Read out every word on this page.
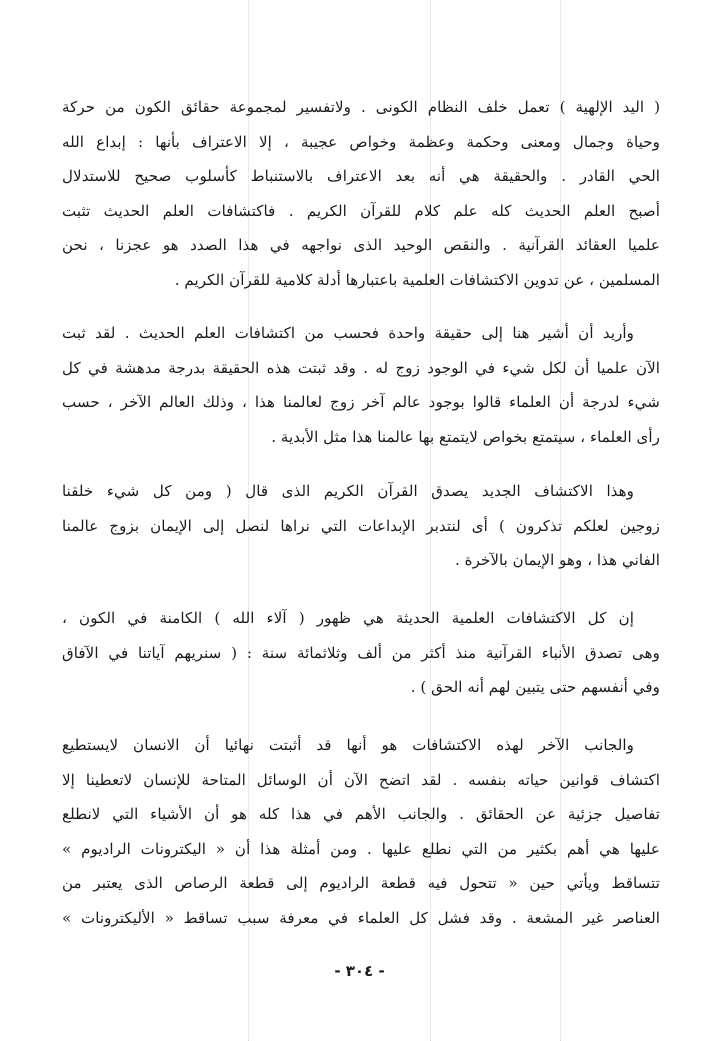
( اليد الإلهية ) تعمل خلف النظام الكونى . ولاتفسير لمجموعة حقائق الكون من حركة
وحياة وجمال ومعنى وحكمة وعظمة وخواص عجيبة ، إلا الاعتراف بأنها : إبداع الله
الحي القادر . والحقيقة هي أنه بعد الاعتراف بالاستنباط كأسلوب صحيح للاستدلال
أصبح العلم الحديث كله علم كلام للقرآن الكريم . فاكتشافات العلم الحديث تثبت
علميا العقائد القرآنية . والنقص الوحيد الذى نواجهه في هذا الصدد هو عجزنا ، نحن
المسلمين ، عن تدوين الاكتشافات العلمية باعتبارها أدلة كلامية للقرآن الكريم .
وأريد أن أشير هنا إلى حقيقة واحدة فحسب من اكتشافات العلم الحديث . لقد ثبت
الآن علميا أن لكل شيء في الوجود زوج له . وقد ثبتت هذه الحقيقة بدرجة مدهشة في كل
شيء لدرجة أن العلماء قالوا بوجود عالم آخر زوج لعالمنا هذا ، وذلك العالم الآخر ، حسب
رأى العلماء ، سيتمتع بخواص لايتمتع بها عالمنا هذا مثل الأبدية .
وهذا الاكتشاف الجديد يصدق القرآن الكريم الذى قال ( ومن كل شيء خلقنا
زوجين لعلكم تذكرون ) أى لنتدبر الإبداعات التي نراها لنصل إلى الإيمان بزوج عالمنا
الفاني هذا ، وهو الإيمان بالآخرة .
إن كل الاكتشافات العلمية الحديثة هي ظهور ( آلاء الله ) الكامنة في الكون ،
وهى تصدق الأنباء القرآنية منذ أكثر من ألف وثلاثمائة سنة : ( سنريهم آياتنا في الآفاق
وفي أنفسهم حتى يتبين لهم أنه الحق ) .
والجانب الآخر لهذه الاكتشافات هو أنها قد أثبتت نهائيا أن الانسان لايستطيع
اكتشاف قوانين حياته بنفسه . لقد اتضح الآن أن الوسائل المتاحة للإنسان لاتعطينا إلا
تفاصيل جزئية عن الحقائق . والجانب الأهم في هذا كله هو أن الأشياء التي لانطلع
عليها هي أهم بكثير من التي نطلع عليها . ومن أمثلة هذا أن « اليكترونات الراديوم »
تتساقط ويأتي حين « تتحول فيه قطعة الراديوم إلى قطعة الرصاص الذى يعتبر من
العناصر غير المشعة . وقد فشل كل العلماء في معرفة سبب تساقط « الأليكترونات »
- ٣٠٤ -
